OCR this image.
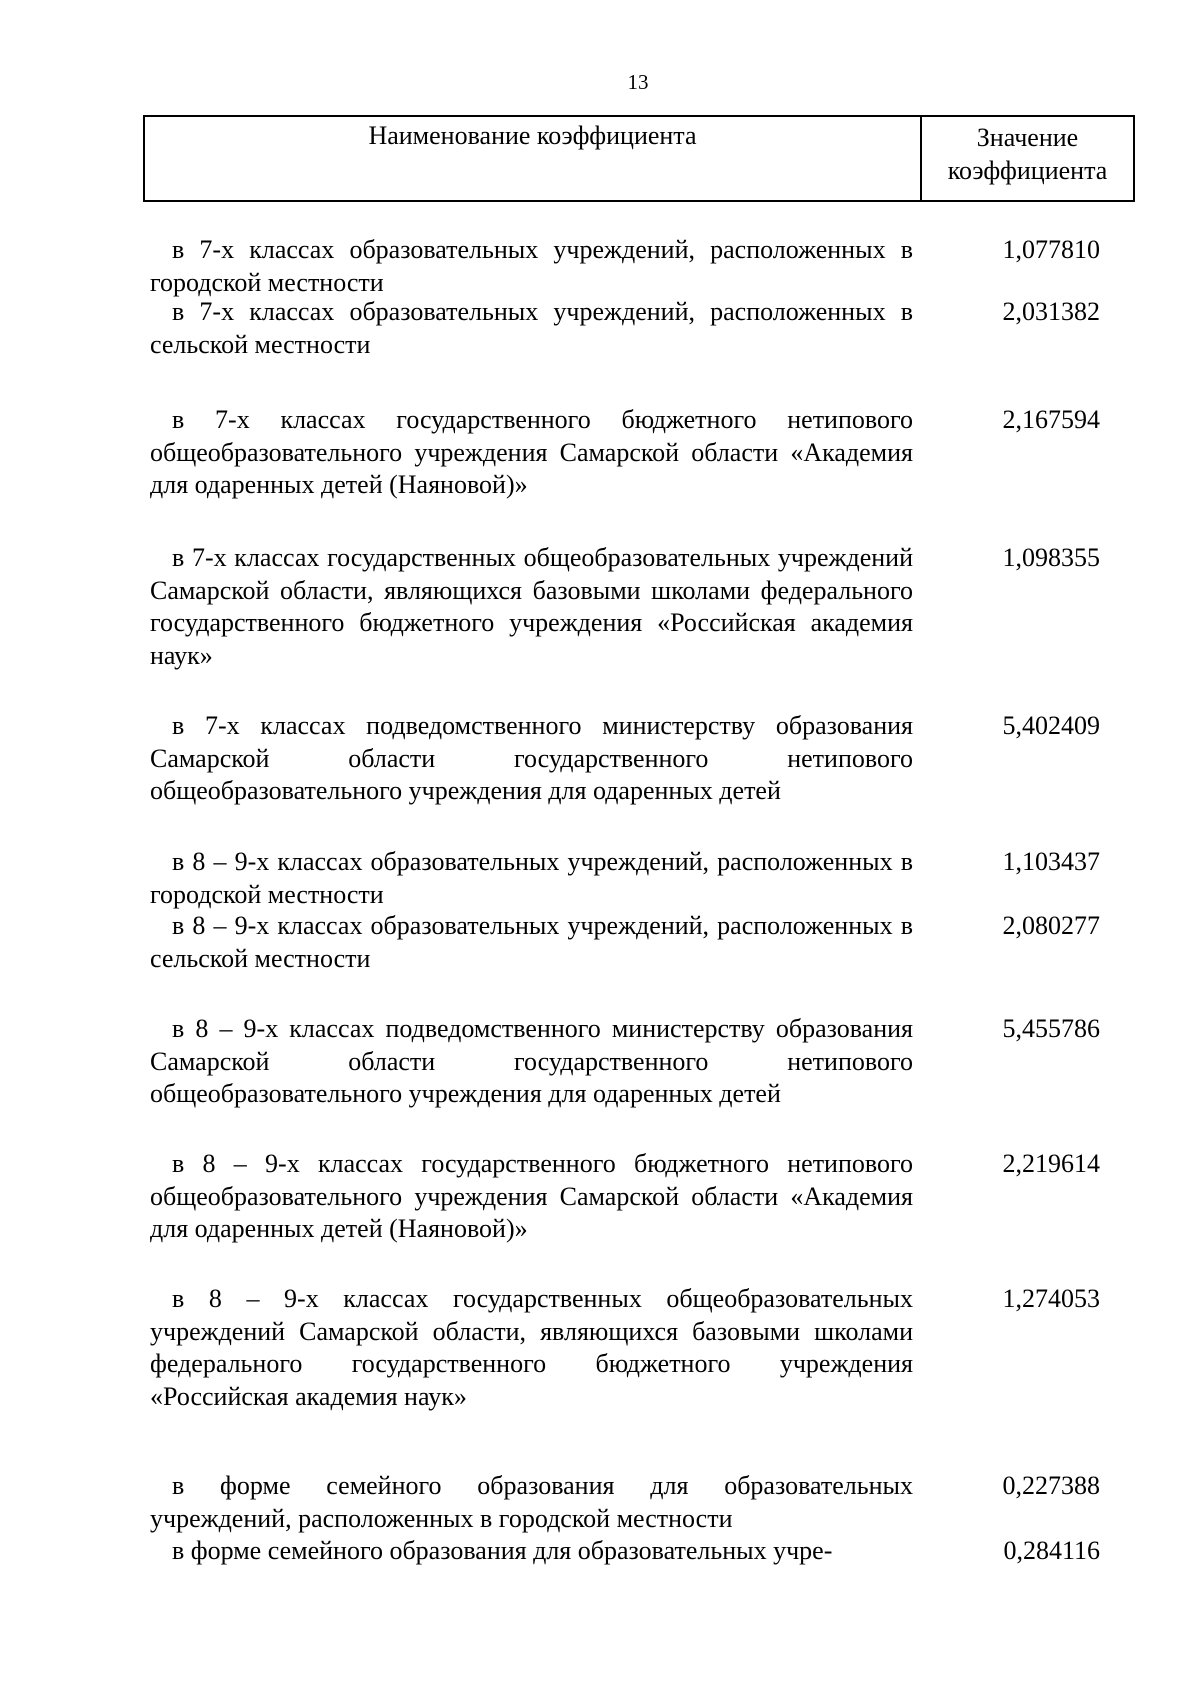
13
Наименование коэффициента	Значение
коэффициента
в 7-х классах образовательных учреждений, расположенных в городской местности
1,077810
в 7-х классах образовательных учреждений, расположенных в сельской местности
2,031382
в 7-х классах государственного бюджетного нетипового общеобразовательного учреждения Самарской области «Академия для одаренных детей (Наяновой)»
2,167594
в 7-х классах государственных общеобразовательных учреждений Самарской области, являющихся базовыми школами федерального государственного бюджетного учреждения «Российская академия наук»
1,098355
в 7-х классах подведомственного министерству образования Самарской области государственного нетипового общеобразовательного учреждения для одаренных детей
5,402409
в 8 – 9-х классах образовательных учреждений, расположенных в городской местности
1,103437
в 8 – 9-х классах образовательных учреждений, расположенных в сельской местности
2,080277
в 8 – 9-х классах подведомственного министерству образования Самарской области государственного нетипового общеобразовательного учреждения для одаренных детей
5,455786
в 8 – 9-х классах государственного бюджетного нетипового общеобразовательного учреждения Самарской области «Академия для одаренных детей (Наяновой)»
2,219614
в 8 – 9-х классах государственных общеобразовательных учреждений Самарской области, являющихся базовыми школами федерального государственного бюджетного учреждения «Российская академия наук»
1,274053
в форме семейного образования для образовательных учреждений, расположенных в городской местности
0,227388
в форме семейного образования для образовательных учре-	0,284116
